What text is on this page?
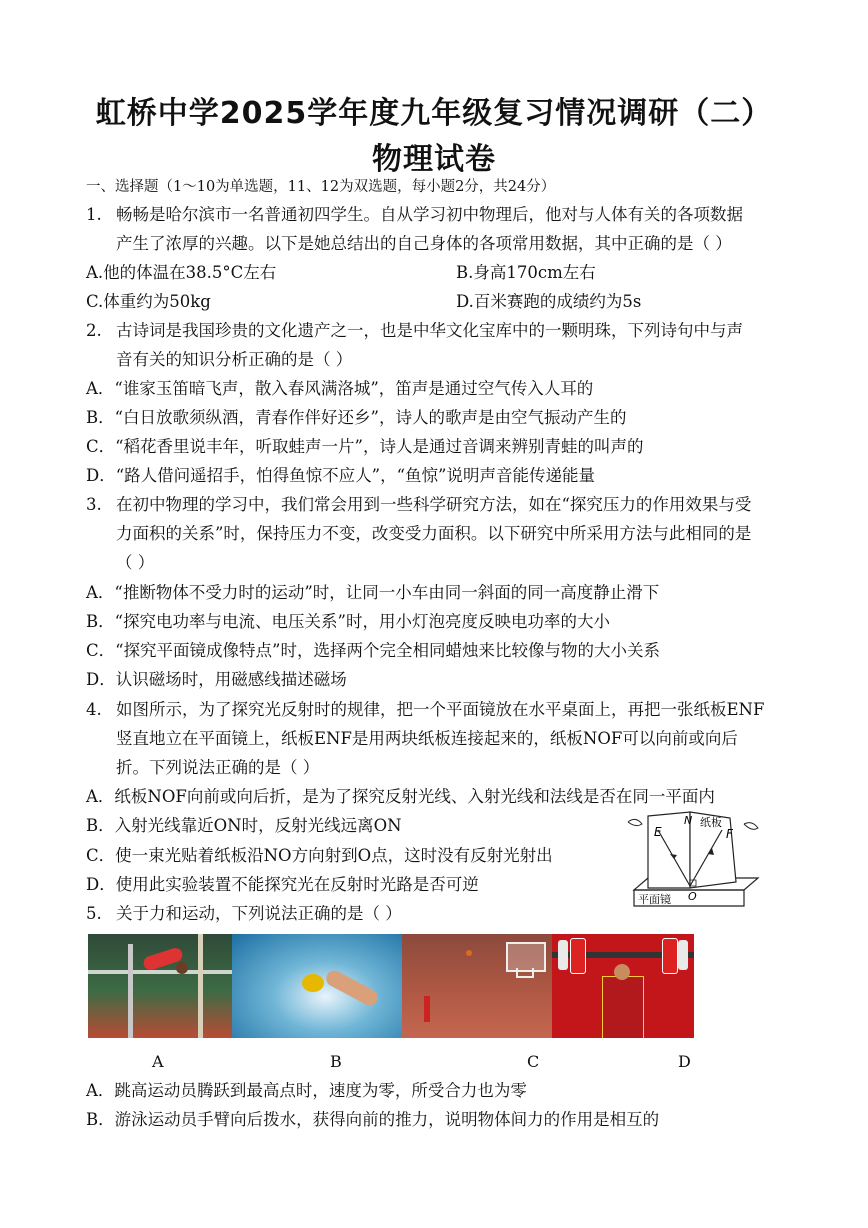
虹桥中学2025学年度九年级复习情况调研（二）
物理试卷
一、选择题（1～10为单选题，11、12为双选题，每小题2分，共24分）
1. 畅畅是哈尔滨市一名普通初四学生。自从学习初中物理后，他对与人体有关的各项数据
产生了浓厚的兴趣。以下是她总结出的自己身体的各项常用数据，其中正确的是（ ）
A.他的体温在38.5°C左右	B.身高170cm左右
C.体重约为50kg	D.百米赛跑的成绩约为5s
2. 古诗词是我国珍贵的文化遗产之一，也是中华文化宝库中的一颗明珠，下列诗句中与声
音有关的知识分析正确的是（ ）
A．“谁家玉笛暗飞声，散入春风满洛城”，笛声是通过空气传入人耳的
B．“白日放歌须纵酒，青春作伴好还乡”，诗人的歌声是由空气振动产生的
C．“稻花香里说丰年，听取蛙声一片”，诗人是通过音调来辨别青蛙的叫声的
D．“路人借问遥招手，怕得鱼惊不应人”，“鱼惊”说明声音能传递能量
3. 在初中物理的学习中，我们常会用到一些科学研究方法，如在“探究压力的作用效果与受
力面积的关系”时，保持压力不变，改变受力面积。以下研究中所采用方法与此相同的是
（ ）
A．“推断物体不受力时的运动”时，让同一小车由同一斜面的同一高度静止滑下
B．“探究电功率与电流、电压关系”时，用小灯泡亮度反映电功率的大小
C．“探究平面镜成像特点”时，选择两个完全相同蜡烛来比较像与物的大小关系
D．认识磁场时，用磁感线描述磁场
4. 如图所示，为了探究光反射时的规律，把一个平面镜放在水平桌面上，再把一张纸板ENF
竖直地立在平面镜上，纸板ENF是用两块纸板连接起来的，纸板NOF可以向前或向后
折。下列说法正确的是（ ）
A．纸板NOF向前或向后折，是为了探究反射光线、入射光线和法线是否在同一平面内
B．入射光线靠近ON时，反射光线远离ON
C．使一束光贴着纸板沿NO方向射到O点，这时没有反射光射出
D．使用此实验装置不能探究光在反射时光路是否可逆
E
N 纸板
F
O
平面镜
5. 关于力和运动，下列说法正确的是（ ）
A	B	C	D
A．跳高运动员腾跃到最高点时，速度为零，所受合力也为零
B．游泳运动员手臂向后拨水，获得向前的推力，说明物体间力的作用是相互的
